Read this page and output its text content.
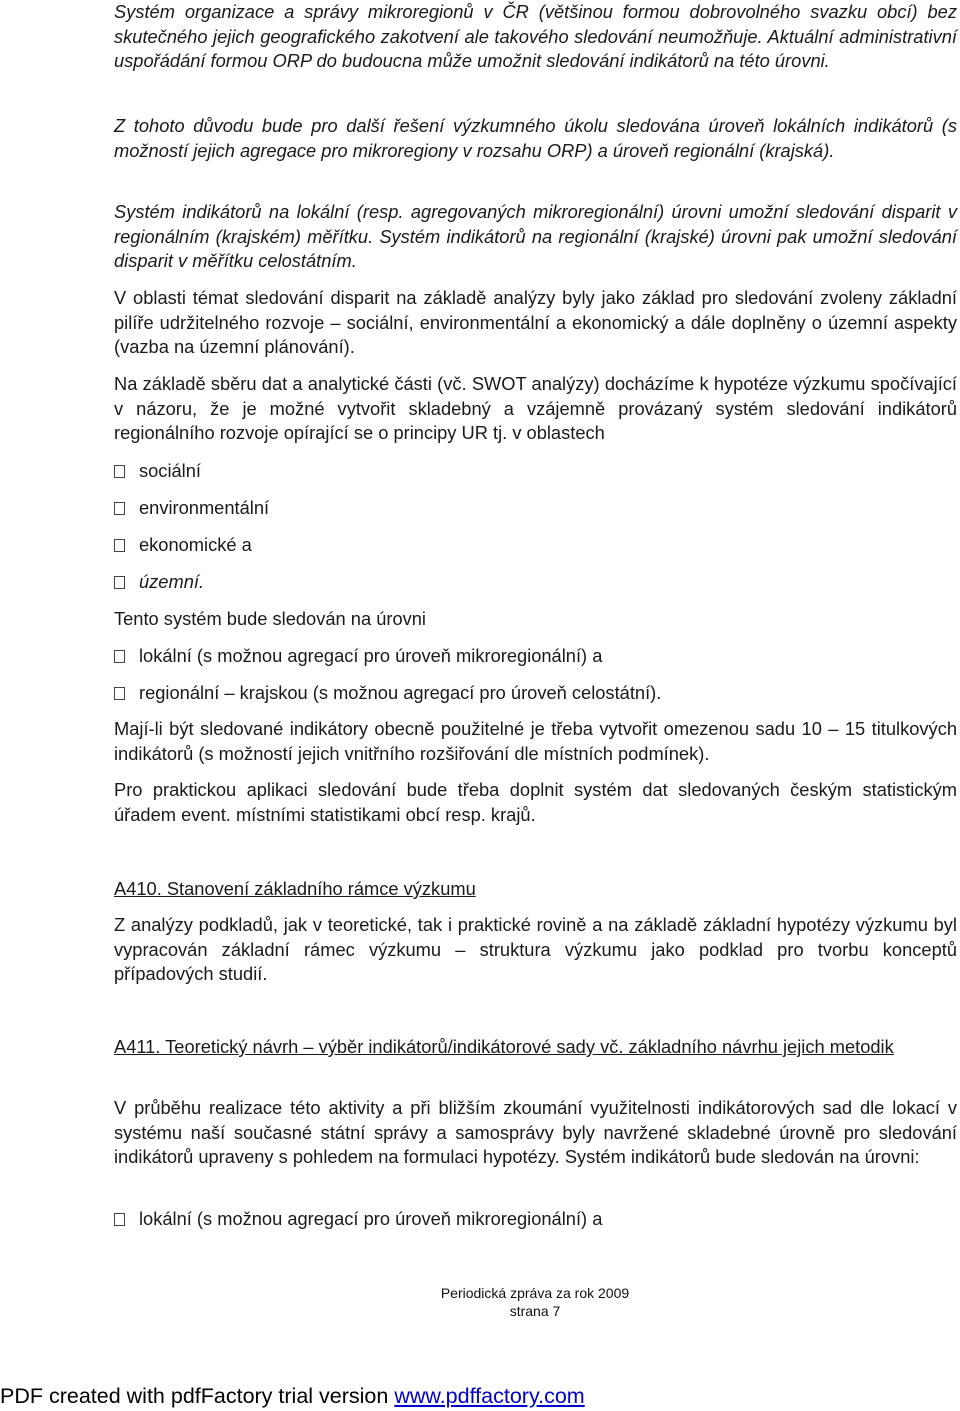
Systém organizace a správy mikroregionů v ČR (většinou formou dobrovolného svazku obcí) bez skutečného jejich geografického zakotvení ale takového sledování neumožňuje. Aktuální administrativní uspořádání formou ORP do budoucna může umožnit sledování indikátorů na této úrovni.

Z tohoto důvodu bude pro další řešení výzkumného úkolu sledována úroveň lokálních indikátorů (s možností jejich agregace pro mikroregiony v rozsahu ORP) a úroveň regionální (krajská).

Systém indikátorů na lokální (resp. agregovaných mikroregionální) úrovni umožní sledování disparit v regionálním (krajském) měřítku. Systém indikátorů na regionální (krajské) úrovni pak umožní sledování disparit v měřítku celostátním.

V oblasti témat sledování disparit na základě analýzy byly jako základ pro sledování zvoleny základní pilíře udržitelného rozvoje – sociální, environmentální a ekonomický a dále doplněny o územní aspekty (vazba na územní plánování).

Na základě sběru dat a analytické části (vč. SWOT analýzy) docházíme k hypotéze výzkumu spočívající v názoru, že je možné vytvořit skladebný a vzájemně provázaný systém sledování indikátorů regionálního rozvoje opírající se o principy UR tj. v oblastech

sociální
environmentální
ekonomické a
územní.
Tento systém bude sledován na úrovni
lokální (s možnou agregací pro úroveň mikroregionální) a
regionální – krajskou (s možnou agregací pro úroveň celostátní).

Mají-li být sledované indikátory obecně použitelné je třeba vytvořit omezenou sadu 10 – 15 titulkových indikátorů (s možností jejich vnitřního rozšiřování dle místních podmínek).

Pro praktickou aplikaci sledování bude třeba doplnit systém dat sledovaných českým statistickým úřadem event. místními statistikami obcí resp. krajů.

A410. Stanovení základního rámce výzkumu

Z analýzy podkladů, jak v teoretické, tak i praktické rovině a na základě základní hypotézy výzkumu byl vypracován základní rámec výzkumu – struktura výzkumu jako podklad pro tvorbu konceptů případových studií.

A411. Teoretický návrh – výběr indikátorů/indikátorové sady vč. základního návrhu jejich metodik

V průběhu realizace této aktivity a při bližším zkoumání využitelnosti indikátorových sad dle lokací v systému naší současné státní správy a samosprávy byly navržené skladebné úrovně pro sledování indikátorů upraveny s pohledem na formulaci hypotézy. Systém indikátorů bude sledován na úrovni:

lokální (s možnou agregací pro úroveň mikroregionální) a
Periodická zpráva za rok 2009
strana 7
PDF created with pdfFactory trial version www.pdffactory.com
